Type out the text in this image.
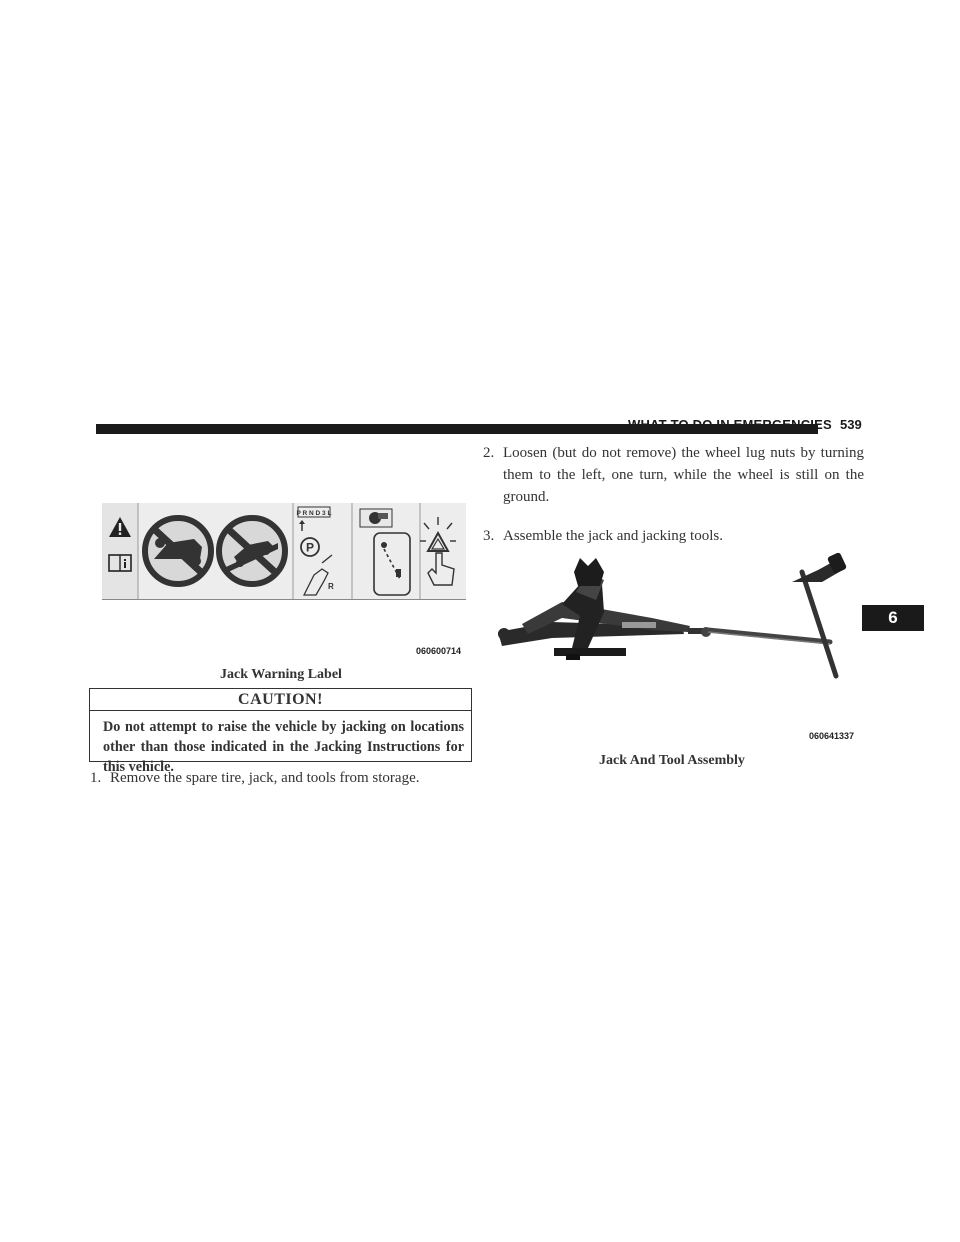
WHAT TO DO IN EMERGENCIES 539
6
P R N D 3 L
P
R
060600714
Jack Warning Label
CAUTION!
Do not attempt to raise the vehicle by jacking on locations other than those indicated in the Jacking Instructions for this vehicle.
1. Remove the spare tire, jack, and tools from storage.
2. Loosen (but do not remove) the wheel lug nuts by turning them to the left, one turn, while the wheel is still on the ground.
3. Assemble the jack and jacking tools.
060641337
Jack And Tool Assembly
